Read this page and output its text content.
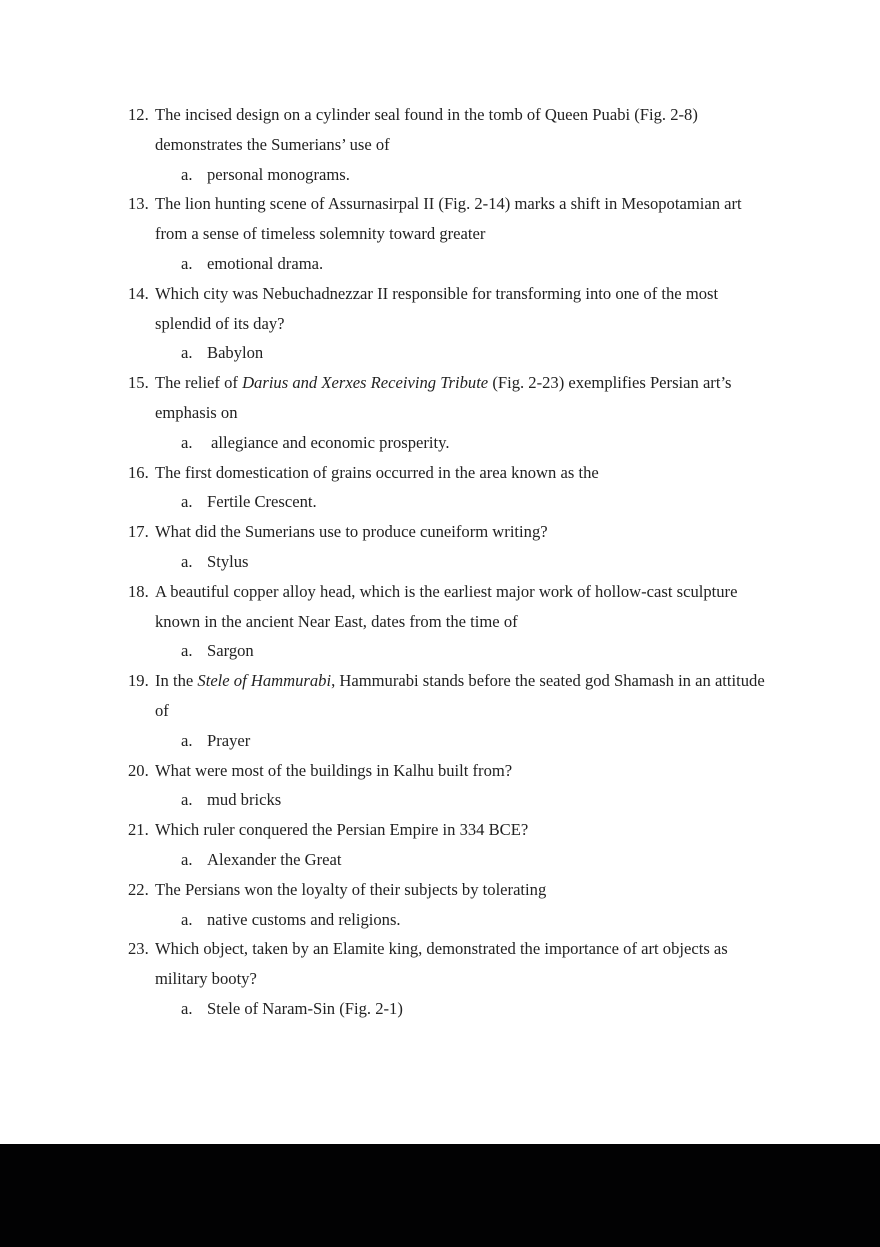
12. The incised design on a cylinder seal found in the tomb of Queen Puabi (Fig. 2-8) demonstrates the Sumerians’ use of
a. personal monograms.
13. The lion hunting scene of Assurnasirpal II (Fig. 2-14) marks a shift in Mesopotamian art from a sense of timeless solemnity toward greater
a. emotional drama.
14. Which city was Nebuchadnezzar II responsible for transforming into one of the most splendid of its day?
a. Babylon
15. The relief of Darius and Xerxes Receiving Tribute (Fig. 2-23) exemplifies Persian art’s emphasis on
a. allegiance and economic prosperity.
16. The first domestication of grains occurred in the area known as the
a. Fertile Crescent.
17. What did the Sumerians use to produce cuneiform writing?
a. Stylus
18. A beautiful copper alloy head, which is the earliest major work of hollow-cast sculpture known in the ancient Near East, dates from the time of
a. Sargon
19. In the Stele of Hammurabi, Hammurabi stands before the seated god Shamash in an attitude of
a. Prayer
20. What were most of the buildings in Kalhu built from?
a. mud bricks
21. Which ruler conquered the Persian Empire in 334 BCE?
a. Alexander the Great
22. The Persians won the loyalty of their subjects by tolerating
a. native customs and religions.
23. Which object, taken by an Elamite king, demonstrated the importance of art objects as military booty?
a. Stele of Naram-Sin (Fig. 2-1)
